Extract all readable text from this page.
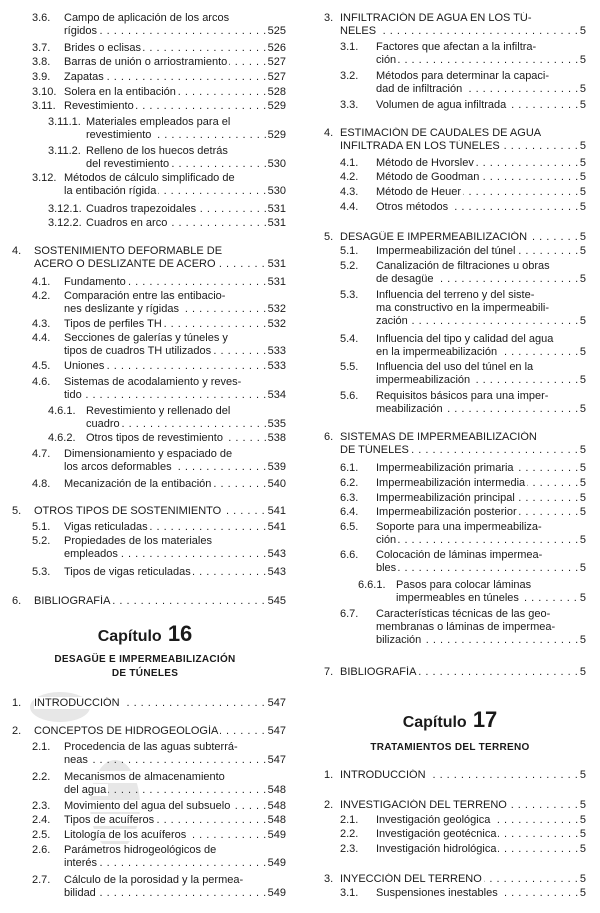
3.6. Campo de aplicación de los arcos
rígidos	525
. . .
3.7. Brides o eclisas	526
. . .
3.8. Barras de unión o arriostramiento	527
. . .
3.9. Zapatas	527
. . .
3.10. Solera en la entibación	528
. . .
3.11. Revestimiento	529
. . .
3.11.1. Materiales empleados para el
revestimiento	529
. . .
3.11.2. Relleno de los huecos detrás
del revestimiento	530
. . .
3.12. Métodos de cálculo simplificado de
la entibación rígida	530
. . .
3.12.1. Cuadros trapezoidales	531
. . .
3.12.2. Cuadros en arco	531
. . .
4. SOSTENIMIENTO DEFORMABLE DE
ACERO O DESLIZANTE DE ACERO	531
. . .
4.1. Fundamento	531
. . .
4.2. Comparación entre las entibacio-
nes deslizante y rígidas	532
. . .
4.3. Tipos de perfiles TH	532
. . .
4.4. Secciones de galerías y túneles y
tipos de cuadros TH utilizados	533
. . .
4.5. Uniones	533
. . .
4.6. Sistemas de acodalamiento y reves-
tido	534
. . .
4.6.1. Revestimiento y rellenado del
cuadro	535
. . .
4.6.2. Otros tipos de revestimiento	538
. . .
4.7. Dimensionamiento y espaciado de
los arcos deformables	539
. . .
4.8. Mecanización de la entibación	540
. . .
5. OTROS TIPOS DE SOSTENIMIENTO	541
. . .
5.1. Vigas reticuladas	541
. . .
5.2. Propiedades de los materiales
empleados	543
. . .
5.3. Tipos de vigas reticuladas	543
. . .
6. BIBLIOGRAFÍA	545
. . .
Capítulo 16
DESAGÜE E IMPERMEABILIZACIÓN
DE TÚNELES
1. INTRODUCCIÓN	547
. . .
2. CONCEPTOS DE HIDROGEOLOGÍA	547
. . .
2.1. Procedencia de las aguas subterrá-
neas	547
. . .
2.2. Mecanismos de almacenamiento
del agua	548
. . .
2.3. Movimiento del agua del subsuelo	548
. . .
2.4. Tipos de acuíferos	548
. . .
2.5. Litología de los acuíferos	549
. . .
2.6. Parámetros hidrogeológicos de
interés	549
. . .
2.7. Cálculo de la porosidad y la permea-
bilidad	549
. . .
3. INFILTRACIÓN DE AGUA EN LOS TÚ-
NELES	5
. . .
3.1. Factores que afectan a la infiltra-
ción	5
. . .
3.2. Métodos para determinar la capaci-
dad de infiltración	5
. . .
3.3. Volumen de agua infiltrada	5
. . .
4. ESTIMACIÓN DE CAUDALES DE AGUA
INFILTRADA EN LOS TÚNELES	5
. . .
4.1. Método de Hvorslev	5
. . .
4.2. Método de Goodman	5
. . .
4.3. Método de Heuer	5
. . .
4.4. Otros métodos	5
. . .
5. DESAGÜE E IMPERMEABILIZACIÓN	5
. . .
5.1. Impermeabilización del túnel	5
. . .
5.2. Canalización de filtraciones u obras
de desagüe	5
. . .
5.3. Influencia del terreno y del siste-
ma constructivo en la impermeabili-
zación	5
. . .
5.4. Influencia del tipo y calidad del agua
en la impermeabilización	5
. . .
5.5. Influencia del uso del túnel en la
impermeabilización	5
. . .
5.6. Requisitos básicos para una imper-
meabilización	5
. . .
6. SISTEMAS DE IMPERMEABILIZACIÓN
DE TÚNELES	5
. . .
6.1. Impermeabilización primaria	5
. . .
6.2. Impermeabilización intermedia	5
. . .
6.3. Impermeabilización principal	5
. . .
6.4. Impermeabilización posterior	5
. . .
6.5. Soporte para una impermeabiliza-
ción	5
. . .
6.6. Colocación de láminas impermea-
bles	5
. . .
6.6.1. Pasos para colocar láminas
impermeables en túneles	5
. . .
6.7. Características técnicas de las geo-
membranas o láminas de impermea-
bilización	5
. . .
7. BIBLIOGRAFÍA	5
. . .
Capítulo 17
TRATAMIENTOS DEL TERRENO
1. INTRODUCCIÓN	5
. . .
2. INVESTIGACIÓN DEL TERRENO	5
. . .
2.1. Investigación geológica	5
. . .
2.2. Investigación geotécnica	5
. . .
2.3. Investigación hidrológica	5
. . .
3. INYECCIÓN DEL TERRENO	5
. . .
3.1. Suspensiones inestables	5
. . .
